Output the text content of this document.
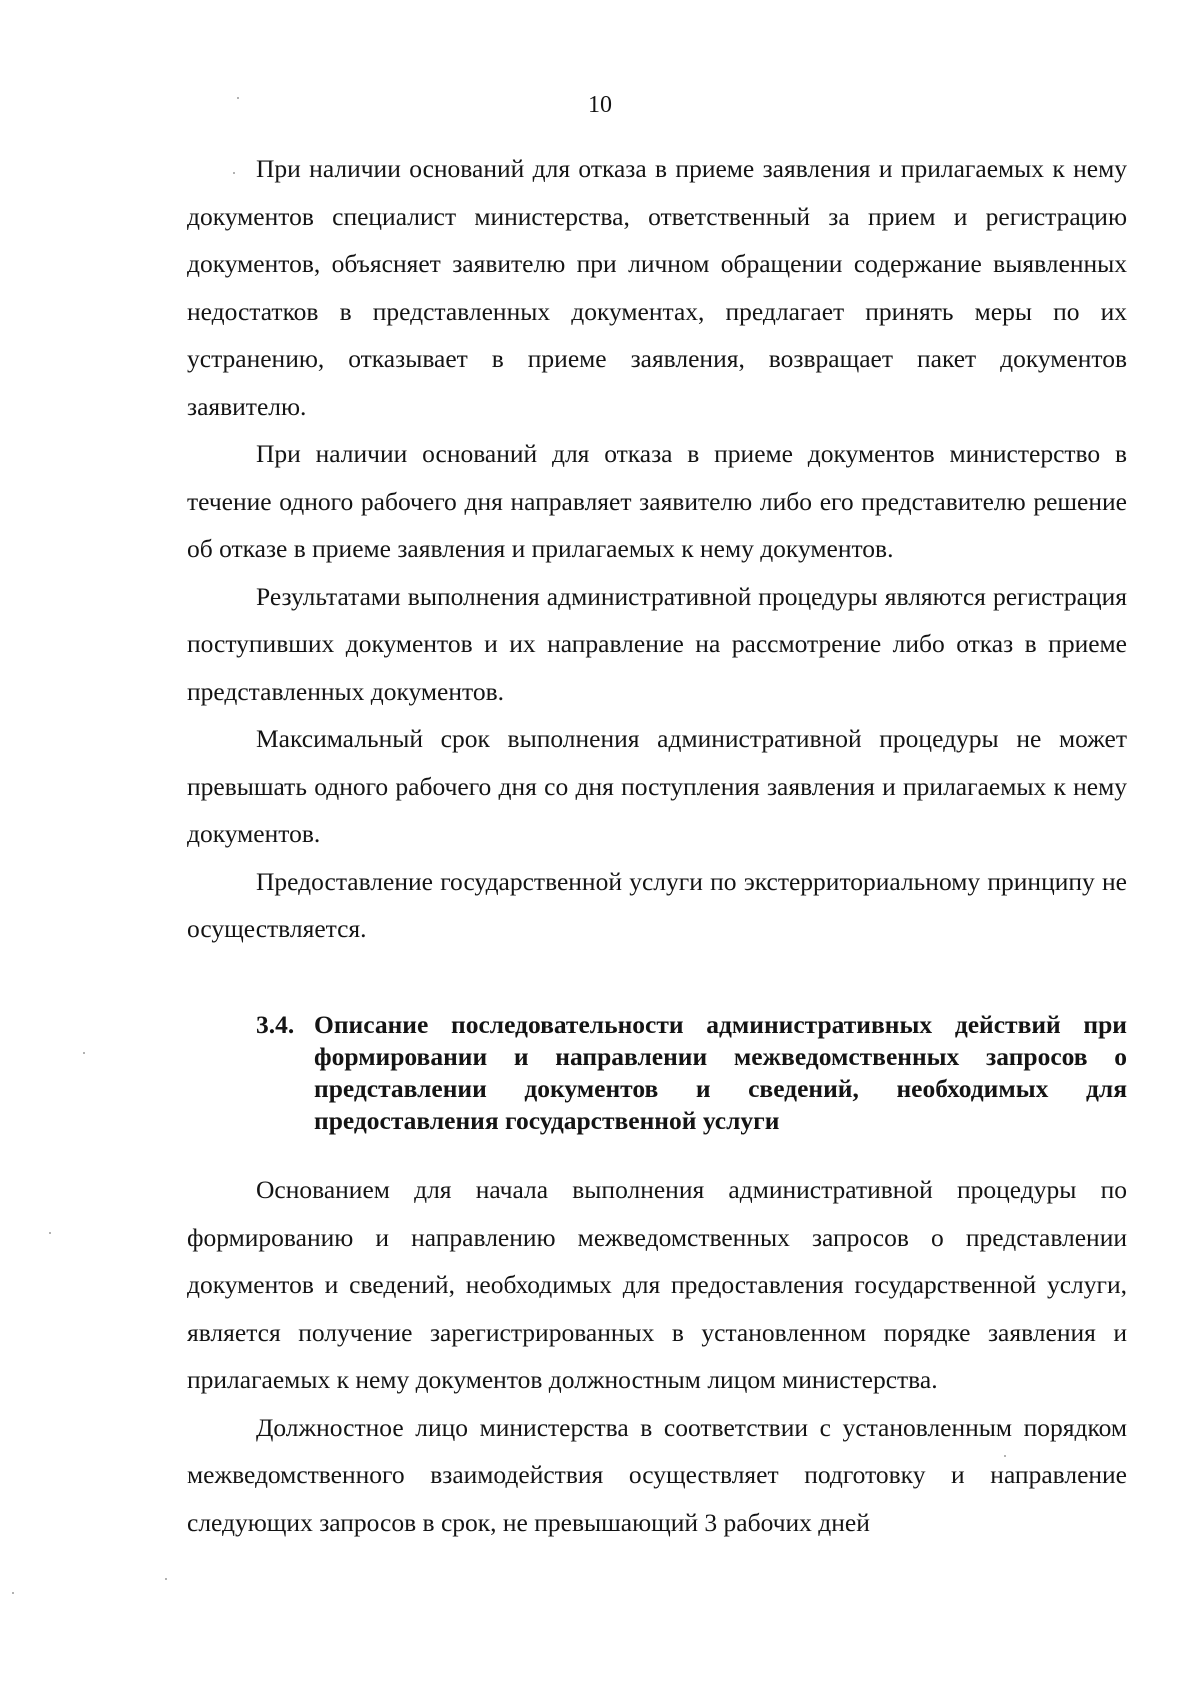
10

При наличии оснований для отказа в приеме заявления и прилагаемых к нему документов специалист министерства, ответственный за прием и регистрацию документов, объясняет заявителю при личном обращении содержание выявленных недостатков в представленных документах, предлагает принять меры по их устранению, отказывает в приеме заявления, возвращает пакет документов заявителю.

При наличии оснований для отказа в приеме документов министерство в течение одного рабочего дня направляет заявителю либо его представителю решение об отказе в приеме заявления и прилагаемых к нему документов.

Результатами выполнения административной процедуры являются регистрация поступивших документов и их направление на рассмотрение либо отказ в приеме представленных документов.

Максимальный срок выполнения административной процедуры не может превышать одного рабочего дня со дня поступления заявления и прилагаемых к нему документов.

Предоставление государственной услуги по экстерриториальному принципу не осуществляется.

3.4. Описание последовательности административных действий при формировании и направлении межведомственных запросов о представлении документов и сведений, необходимых для предоставления государственной услуги

Основанием для начала выполнения административной процедуры по формированию и направлению межведомственных запросов о представлении документов и сведений, необходимых для предоставления государственной услуги, является получение зарегистрированных в установленном порядке заявления и прилагаемых к нему документов должностным лицом министерства.

Должностное лицо министерства в соответствии с установленным порядком межведомственного взаимодействия осуществляет подготовку и направление следующих запросов в срок, не превышающий 3 рабочих дней
